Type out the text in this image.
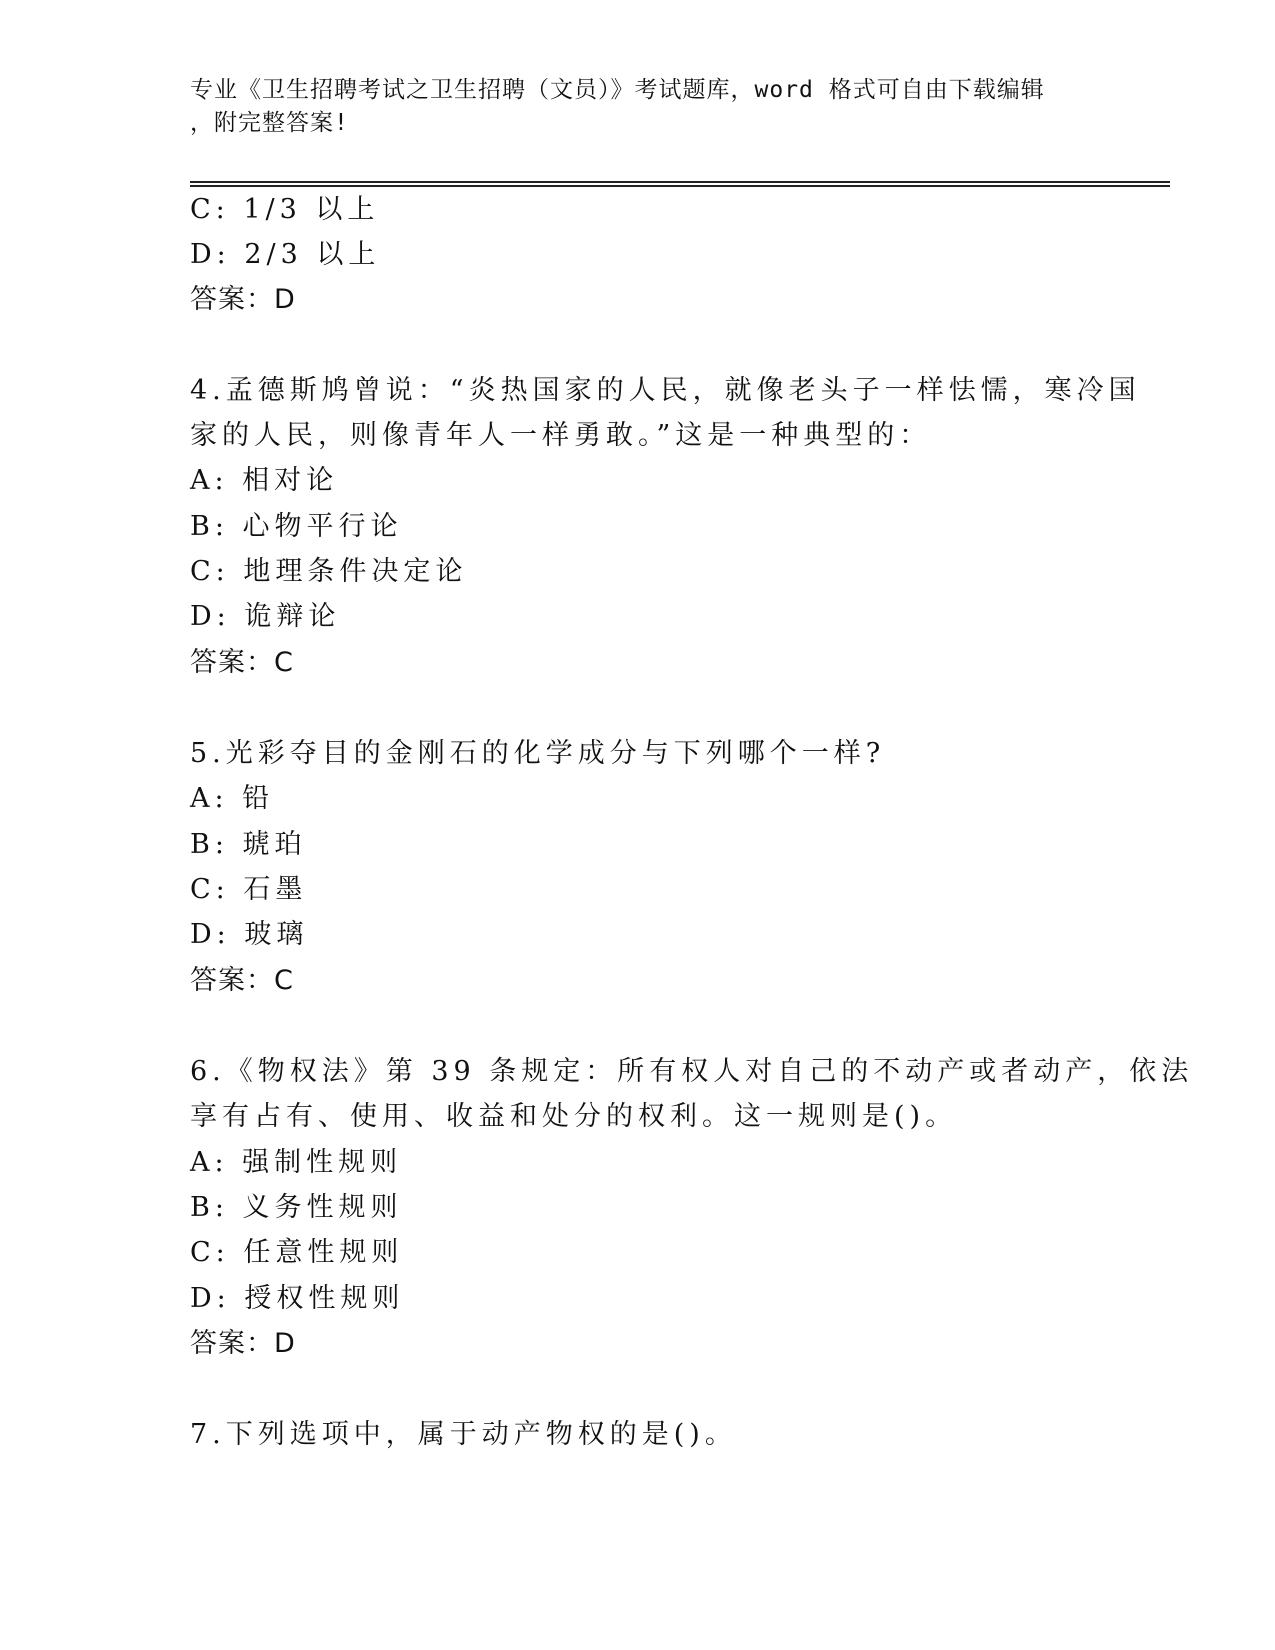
专业《卫生招聘考试之卫生招聘（文员）》考试题库，word 格式可自由下载编辑
，附完整答案!
C: 1/3 以上
D: 2/3 以上
答案：D
4.孟德斯鸠曾说：“炎热国家的人民，就像老头子一样怯懦，寒冷国
家的人民，则像青年人一样勇敢。”这是一种典型的：
A: 相对论
B: 心物平行论
C: 地理条件决定论
D: 诡辩论
答案：C
5.光彩夺目的金刚石的化学成分与下列哪个一样?
A: 铅
B: 琥珀
C: 石墨
D: 玻璃
答案：C
6.《物权法》第 39 条规定：所有权人对自己的不动产或者动产，依法
享有占有、使用、收益和处分的权利。这一规则是()。
A: 强制性规则
B: 义务性规则
C: 任意性规则
D: 授权性规则
答案：D
7.下列选项中，属于动产物权的是()。
